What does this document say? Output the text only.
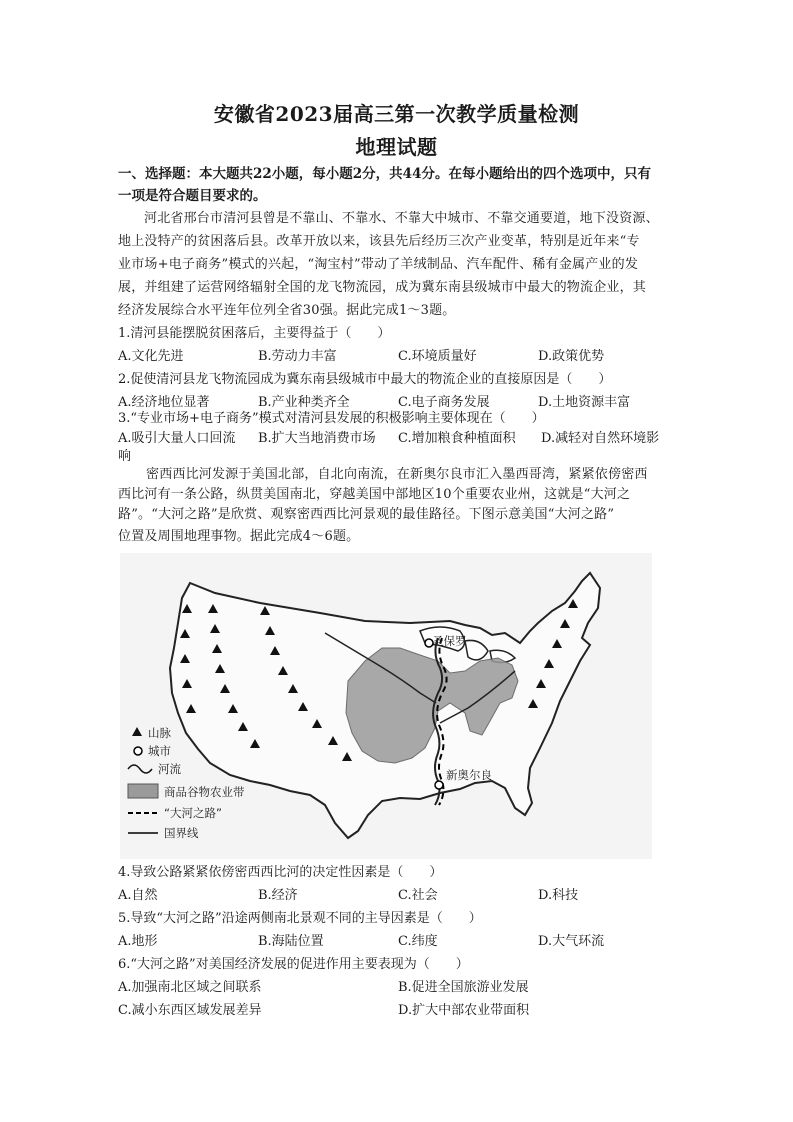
安徽省2023届高三第一次教学质量检测
地理试题
一、选择题：本大题共22小题，每小题2分，共44分。在每小题给出的四个选项中，只有
一项是符合题目要求的。
河北省邢台市清河县曾是不靠山、不靠水、不靠大中城市、不靠交通要道，地下没资源、
地上没特产的贫困落后县。改革开放以来，该县先后经历三次产业变革，特别是近年来“专
业市场+电子商务”模式的兴起，“淘宝村”带动了羊绒制品、汽车配件、稀有金属产业的发
展，并组建了运营网络辐射全国的龙飞物流园，成为冀东南县级城市中最大的物流企业，其
经济发展综合水平连年位列全省30强。据此完成1～3题。
1.清河县能摆脱贫困落后，主要得益于（　　）
A.文化先进	B.劳动力丰富	C.环境质量好	D.政策优势
2.促使清河县龙飞物流园成为冀东南县级城市中最大的物流企业的直接原因是（　　）
A.经济地位显著	B.产业种类齐全	C.电子商务发展	D.土地资源丰富
3.“专业市场+电子商务”模式对清河县发展的积极影响主要体现在（　　）
A.吸引大量人口回流 B.扩大当地消费市场 C.增加粮食种植面积 D.减轻对自然环境影
响
密西西比河发源于美国北部，自北向南流，在新奥尔良市汇入墨西哥湾，紧紧依傍密西
西比河有一条公路，纵贯美国南北，穿越美国中部地区10个重要农业州，这就是“大河之
路”。“大河之路”是欣赏、观察密西西比河景观的最佳路径。下图示意美国“大河之路”
圣保罗
新奥尔良
山脉
城市
河流
商品谷物农业带
“大河之路”
国界线
4.导致公路紧紧依傍密西西比河的决定性因素是（　　）
A.自然	B.经济	C.社会	D.科技
5.导致“大河之路”沿途两侧南北景观不同的主导因素是（　　）
A.地形	B.海陆位置	C.纬度	D.大气环流
6.“大河之路”对美国经济发展的促进作用主要表现为（　　）
A.加强南北区域之间联系	B.促进全国旅游业发展
C.减小东西区域发展差异	D.扩大中部农业带面积
位置及周围地理事物。据此完成4～6题。
